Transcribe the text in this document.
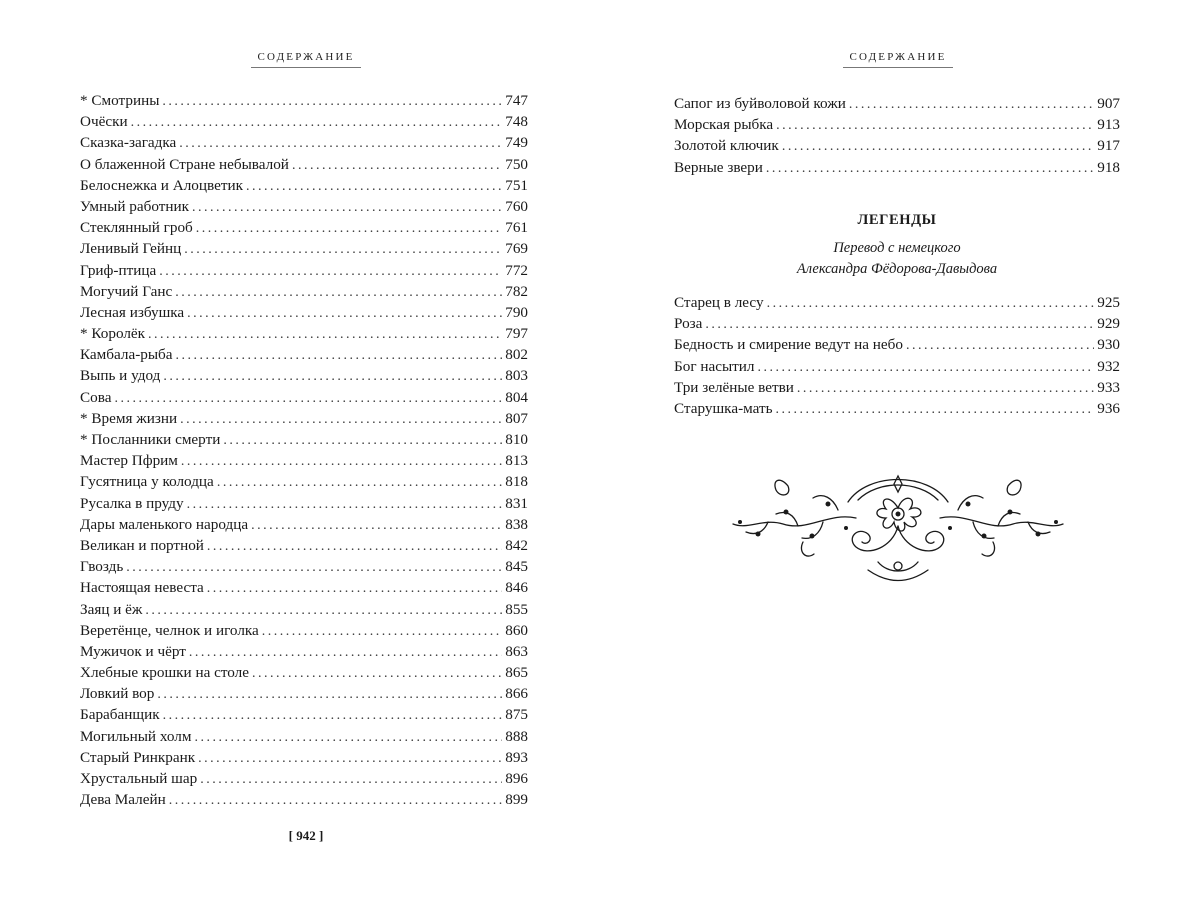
СОДЕРЖАНИЕ
* Смотрины . . .	747
Очёски . . .	748
Сказка-загадка . . .	749
О блаженной Стране небывалой . . .	750
Белоснежка и Алоцветик . . .	751
Умный работник . . .	760
Стеклянный гроб . . .	761
Ленивый Гейнц . . .	769
Гриф-птица . . .	772
Могучий Ганс . . .	782
Лесная избушка . . .	790
* Королёк . . .	797
Камбала-рыба . . .	802
Выпь и удод . . .	803
Сова . . .	804
* Время жизни . . .	807
* Посланники смерти . . .	810
Мастер Пфрим . . .	813
Гусятница у колодца . . .	818
Русалка в пруду . . .	831
Дары маленького народца . . .	838
Великан и портной . . .	842
Гвоздь . . .	845
Настоящая невеста . . .	846
Заяц и ёж . . .	855
Веретёнце, челнок и иголка . . .	860
Мужичок и чёрт . . .	863
Хлебные крошки на столе . . .	865
Ловкий вор . . .	866
Барабанщик . . .	875
Могильный холм . . .	888
Старый Ринкранк . . .	893
Хрустальный шар . . .	896
Дева Малейн . . .	899
[ 942 ]
СОДЕРЖАНИЕ
Сапог из буйволовой кожи . . .	907
Морская рыбка . . .	913
Золотой ключик . . .	917
Верные звери . . .	918
ЛЕГЕНДЫ
Перевод с немецкого
Александра Фёдорова-Давыдова
Старец в лесу . . .	925
Роза . . .	929
Бедность и смирение ведут на небо . . .	930
Бог насытил . . .	932
Три зелёные ветви . . .	933
Старушка-мать . . .	936
